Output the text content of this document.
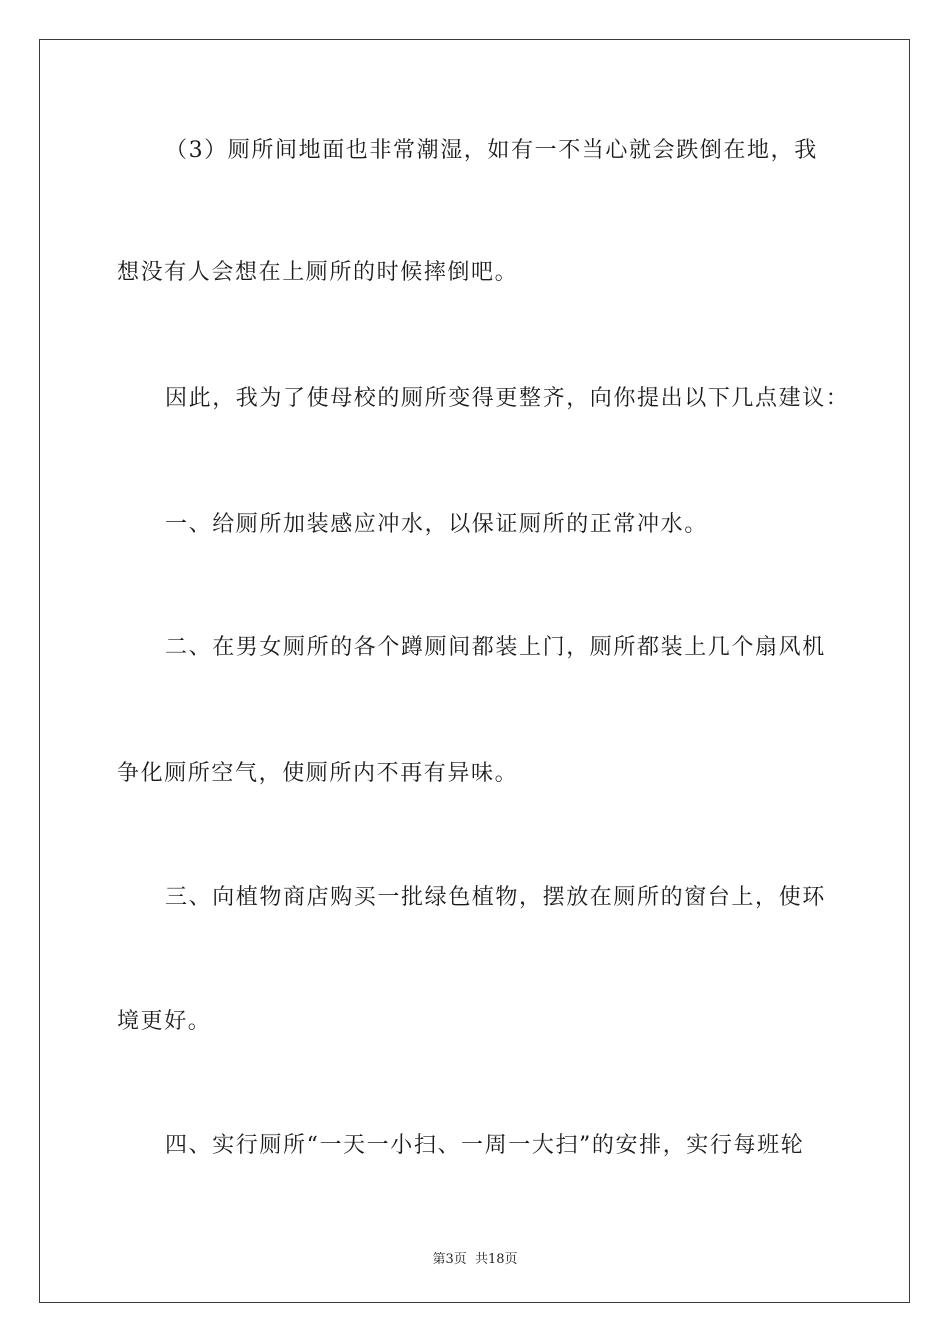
（3）厕所间地面也非常潮湿，如有一不当心就会跌倒在地，我
想没有人会想在上厕所的时候摔倒吧。
因此，我为了使母校的厕所变得更整齐，向你提出以下几点建议：
一、给厕所加装感应冲水，以保证厕所的正常冲水。
二、在男女厕所的各个蹲厕间都装上门，厕所都装上几个扇风机
争化厕所空气，使厕所内不再有异味。
三、向植物商店购买一批绿色植物，摆放在厕所的窗台上，使环
境更好。
四、实行厕所“一天一小扫、一周一大扫”的安排，实行每班轮
第3页 共18页
